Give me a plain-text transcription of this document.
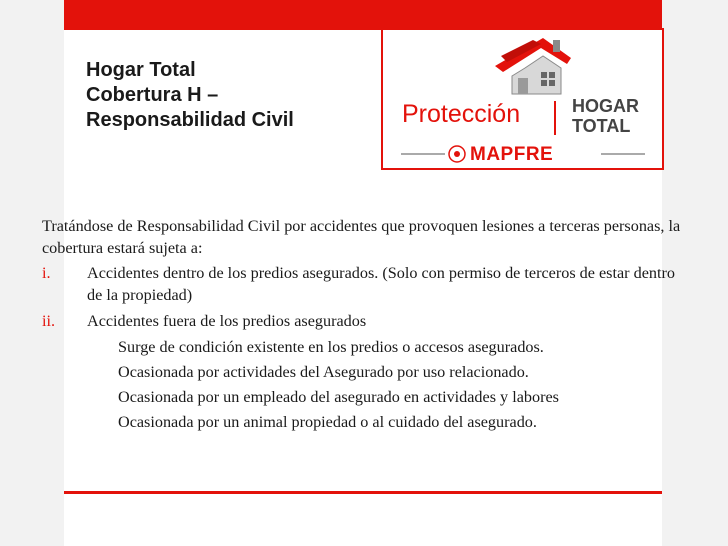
Hogar Total
Cobertura H –
Responsabilidad Civil	Protección	HOGAR
TOTAL
MAPFRE
Tratándose de Responsabilidad Civil por accidentes que provoquen lesiones a terceras personas, la cobertura estará sujeta a:
i. Accidentes dentro de los predios asegurados. (Solo con permiso de terceros de estar dentro de la propiedad)
ii. Accidentes fuera de los predios asegurados
Surge de condición existente en los predios o accesos asegurados.
Ocasionada por actividades del Asegurado por uso relacionado.
Ocasionada por un empleado del asegurado en actividades y labores
Ocasionada por un animal propiedad o al cuidado del asegurado.
